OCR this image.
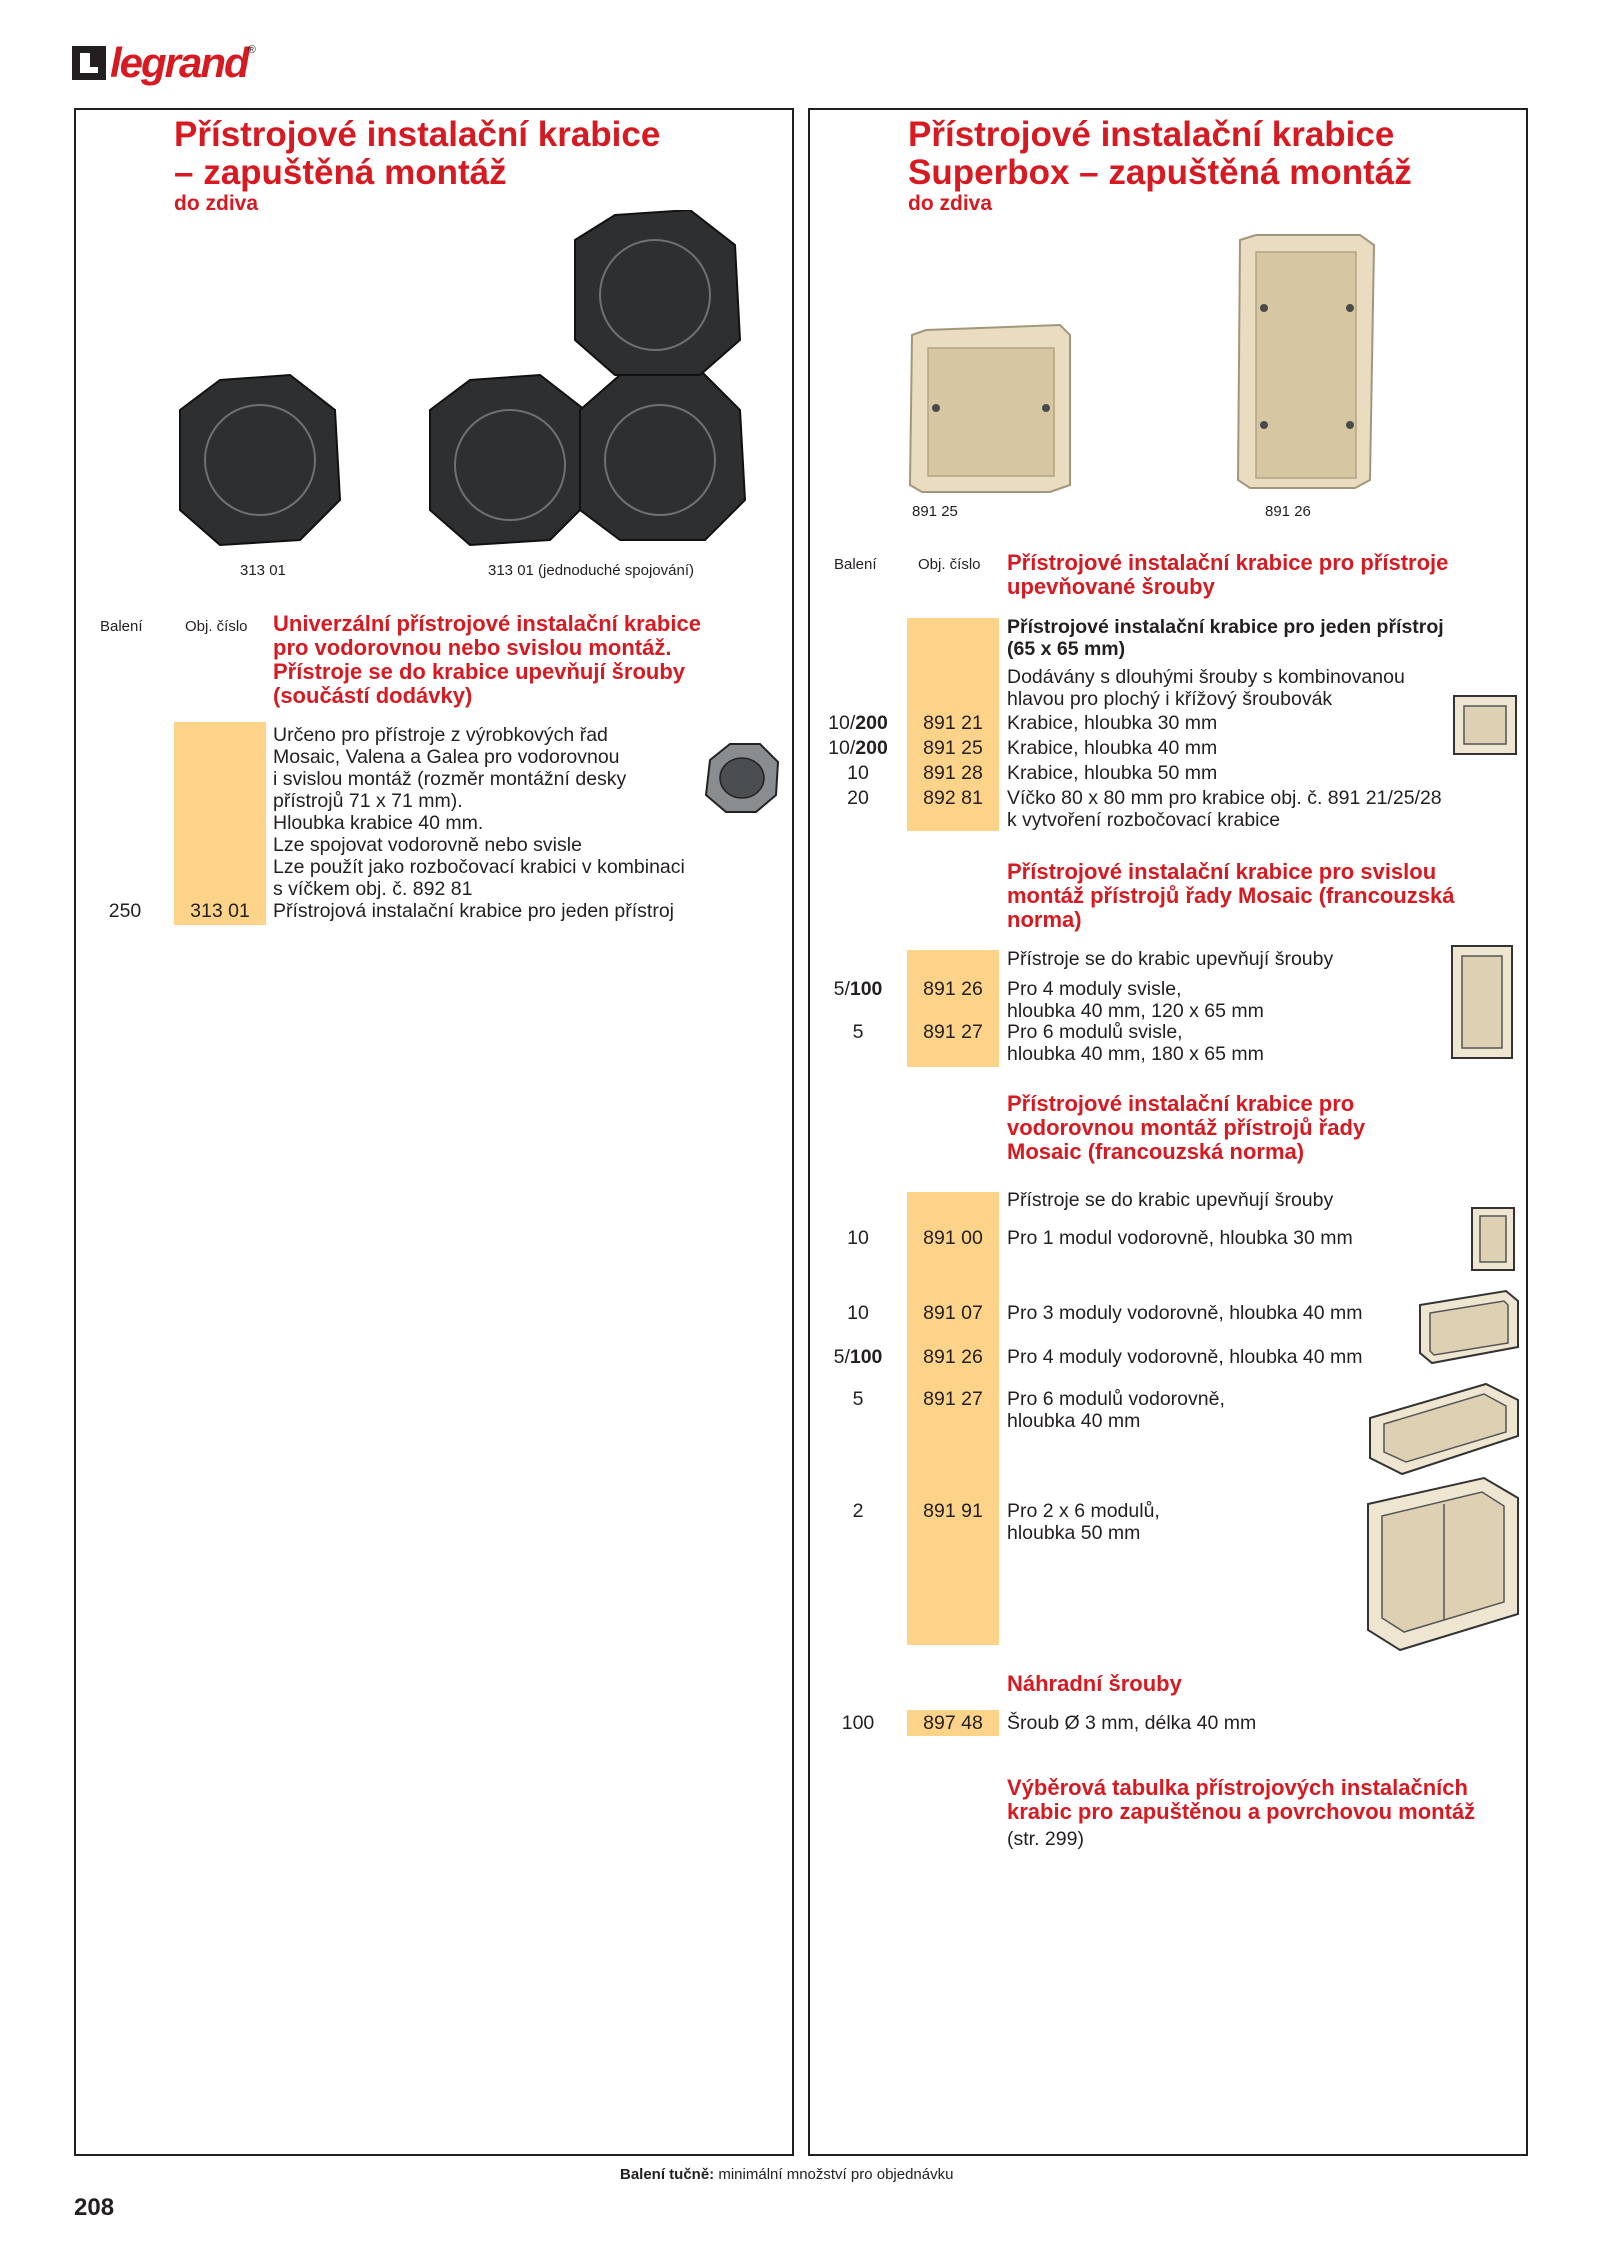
legrand ®
Přístrojové instalační krabice
– zapuštěná montáž
do zdiva
313 01	313 01 (jednoduché spojování)
Balení	Obj. číslo Univerzální přístrojové instalační krabice
pro vodorovnou nebo svislou montáž.
Přístroje se do krabice upevňují šrouby
(součástí dodávky)
Určeno pro přístroje z výrobkových řad
Mosaic, Valena a Galea pro vodorovnou
i svislou montáž (rozměr montážní desky
přístrojů 71 x 71 mm).
Hloubka krabice 40 mm.
Lze spojovat vodorovně nebo svisle
Lze použít jako rozbočovací krabici v kombinaci
s víčkem obj. č. 892 81
250	313 01	Přístrojová instalační krabice pro jeden přístroj
Přístrojové instalační krabice
Superbox – zapuštěná montáž
do zdiva
891 25	891 26
Balení	Obj. číslo Přístrojové instalační krabice pro přístroje
upevňované šrouby
Přístrojové instalační krabice pro jeden přístroj
(65 x 65 mm)
Dodávány s dlouhými šrouby s kombinovanou
hlavou pro plochý i křížový šroubovák
10/200	891 21	Krabice, hloubka 30 mm
10/200	891 25	Krabice, hloubka 40 mm
10	891 28	Krabice, hloubka 50 mm
20	892 81	Víčko 80 x 80 mm pro krabice obj. č. 891 21/25/28
k vytvoření rozbočovací krabice
Přístrojové instalační krabice pro svislou
montáž přístrojů řady Mosaic (francouzská
norma)
Přístroje se do krabic upevňují šrouby
5/100	891 26	Pro 4 moduly svisle,
hloubka 40 mm, 120 x 65 mm
5	891 27	Pro 6 modulů svisle,
hloubka 40 mm, 180 x 65 mm
Přístrojové instalační krabice pro
vodorovnou montáž přístrojů řady
Mosaic (francouzská norma)
Přístroje se do krabic upevňují šrouby
10	891 00	Pro 1 modul vodorovně, hloubka 30 mm
10	891 07	Pro 3 moduly vodorovně, hloubka 40 mm
5/100	891 26	Pro 4 moduly vodorovně, hloubka 40 mm
5	891 27	Pro 6 modulů vodorovně,
hloubka 40 mm
2	891 91	Pro 2 x 6 modulů,
hloubka 50 mm
Náhradní šrouby
100	897 48	Šroub Ø 3 mm, délka 40 mm
Výběrová tabulka přístrojových instalačních
krabic pro zapuštěnou a povrchovou montáž
(str. 299)
Balení tučně: minimální množství pro objednávku
208
